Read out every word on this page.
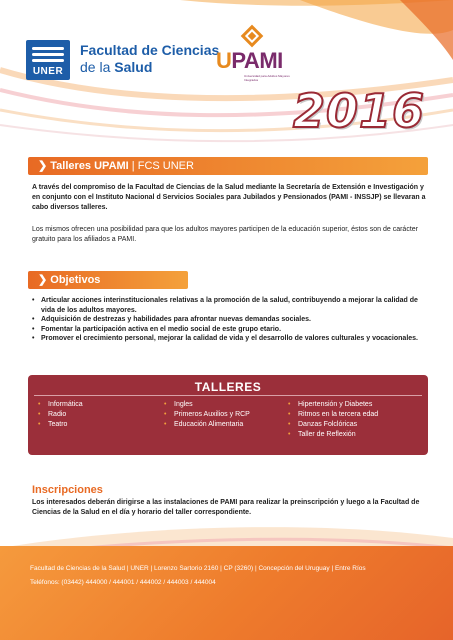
UNER
Facultad de Ciencias
de la Salud	UPAMI
Universidad para Adultos Mayores Integrados
2016
❯ Talleres UPAMI | FCS UNER

A través del compromiso de la Facultad de Ciencias de la Salud mediante la Secretaría de Extensión e Investigación y en conjunto con el Instituto Nacional d Servicios Sociales para Jubilados y Pensionados (PAMI - INSSJP) se llevaran a cabo diversos talleres.

Los mismos ofrecen una posibilidad para que los adultos mayores participen de la educación superior, éstos son de carácter gratuito para los afiliados a PAMI.

❯ Objetivos
• Articular acciones interinstitucionales relativas a la promoción de la salud, contribuyendo a mejorar la calidad de vida de los adultos mayores.
• Adquisición de destrezas y habilidades para afrontar nuevas demandas sociales.
• Fomentar la participación activa en el medio social de este grupo etario.
• Promover el crecimiento personal, mejorar la calidad de vida y el desarrollo de valores culturales y vocacionales.
TALLERES
• Informática
• Radio
• Teatro
• Ingles
• Primeros Auxilios y RCP
• Educación Alimentaria
• Hipertensión y Diabetes
• Ritmos en la tercera edad
• Danzas Folclóricas
• Taller de Reflexión
Inscripciones

Los interesados deberán dirigirse a las instalaciones de PAMI para realizar la preinscripción y luego a la Facultad de Ciencias de la Salud en el día y horario del taller correspondiente.

Facultad de Ciencias de la Salud | UNER | Lorenzo Sartorio 2160 | CP (3260) | Concepción del Uruguay | Entre Ríos
Teléfonos: (03442) 444000 / 444001 / 444002 / 444003 / 444004
